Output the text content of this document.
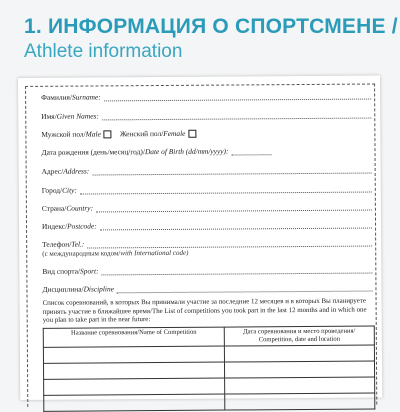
1. ИНФОРМАЦИЯ О СПОРТСМЕНЕ /
Athlete information
Фамилия/Surname:
Имя/Given Names:
Мужской пол/Male	Женский пол/Female
Дата рождения (день/месяц/год)/Date of Birth (dd/mm/yyyy):
Адрес/Address:
Город/City:
Страна/Country:
Индекс/Postcode:
Телефон/Tel.:
(с международным кодом/ with International code)
Вид спорта/Sport:
Дисциплина/Discipline
Список соревнований, в которых Вы принимали участие за последние 12 месяцев и в которых Вы планируете принять участие в ближайшее время/The List of competitions you took part in the last 12 months and in which one you plan to take part in the near future:
Название соревнования/Name of Competition	Дата соревнования и место проведения/ Competition, date and location
